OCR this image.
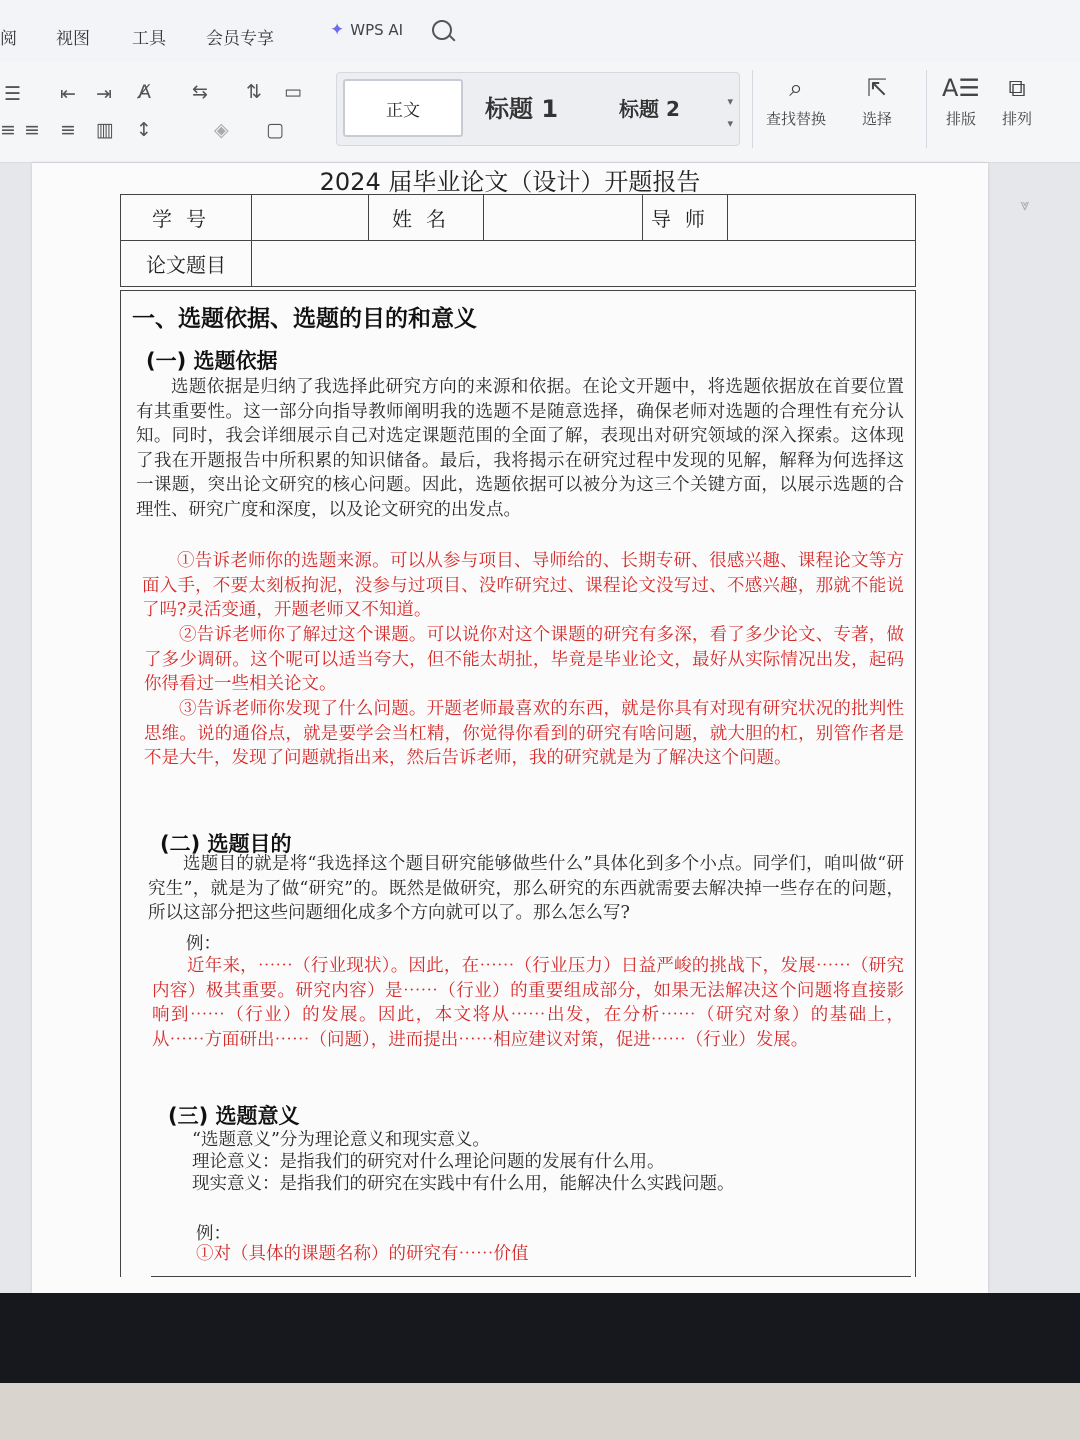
阅 视图 工具 会员专享	✦ WPS AI
☰ ⇤ ⇥ A̸ ⇆ ⇅ ▭
≡ ≡ ≡ ▥ ↕	◈ ▢
正文	标题 1	标题 2	▾
▾
⌕
查找替换
⇱
选择
A☰
排版
⧉
排列
⩔
2024 届毕业论文（设计）开题报告
学号		姓名		导师	
论文题目					
一、选题依据、选题的目的和意义
(一) 选题依据
选题依据是归纳了我选择此研究方向的来源和依据。在论文开题中，将选题依据放在首要位置有其重要性。这一部分向指导教师阐明我的选题不是随意选择，确保老师对选题的合理性有充分认知。同时，我会详细展示自己对选定课题范围的全面了解，表现出对研究领域的深入探索。这体现了我在开题报告中所积累的知识储备。最后，我将揭示在研究过程中发现的见解，解释为何选择这一课题，突出论文研究的核心问题。因此，选题依据可以被分为这三个关键方面，以展示选题的合理性、研究广度和深度，以及论文研究的出发点。
①告诉老师你的选题来源。可以从参与项目、导师给的、长期专研、很感兴趣、课程论文等方面入手，不要太刻板拘泥，没参与过项目、没咋研究过、课程论文没写过、不感兴趣，那就不能说了吗?灵活变通，开题老师又不知道。
②告诉老师你了解过这个课题。可以说你对这个课题的研究有多深，看了多少论文、专著，做了多少调研。这个呢可以适当夸大，但不能太胡扯，毕竟是毕业论文，最好从实际情况出发，起码你得看过一些相关论文。
③告诉老师你发现了什么问题。开题老师最喜欢的东西，就是你具有对现有研究状况的批判性思维。说的通俗点，就是要学会当杠精，你觉得你看到的研究有啥问题，就大胆的杠，别管作者是不是大牛，发现了问题就指出来，然后告诉老师，我的研究就是为了解决这个问题。
(二) 选题目的
选题目的就是将“我选择这个题目研究能够做些什么”具体化到多个小点。同学们，咱叫做“研究生”，就是为了做“研究”的。既然是做研究，那么研究的东西就需要去解决掉一些存在的问题，所以这部分把这些问题细化成多个方向就可以了。那么怎么写?
例：
近年来，⋯⋯（行业现状）。因此，在⋯⋯（行业压力）日益严峻的挑战下，发展⋯⋯（研究内容）极其重要。研究内容）是⋯⋯（行业）的重要组成部分，如果无法解决这个问题将直接影响到⋯⋯（行业）的发展。因此，本文将从⋯⋯出发，在分析⋯⋯（研究对象）的基础上，从⋯⋯方面研出⋯⋯（问题），进而提出⋯⋯相应建议对策，促进⋯⋯（行业）发展。
(三) 选题意义
“选题意义”分为理论意义和现实意义。
理论意义：是指我们的研究对什么理论问题的发展有什么用。
现实意义：是指我们的研究在实践中有什么用，能解决什么实践问题。
例：
①对（具体的课题名称）的研究有⋯⋯价值
